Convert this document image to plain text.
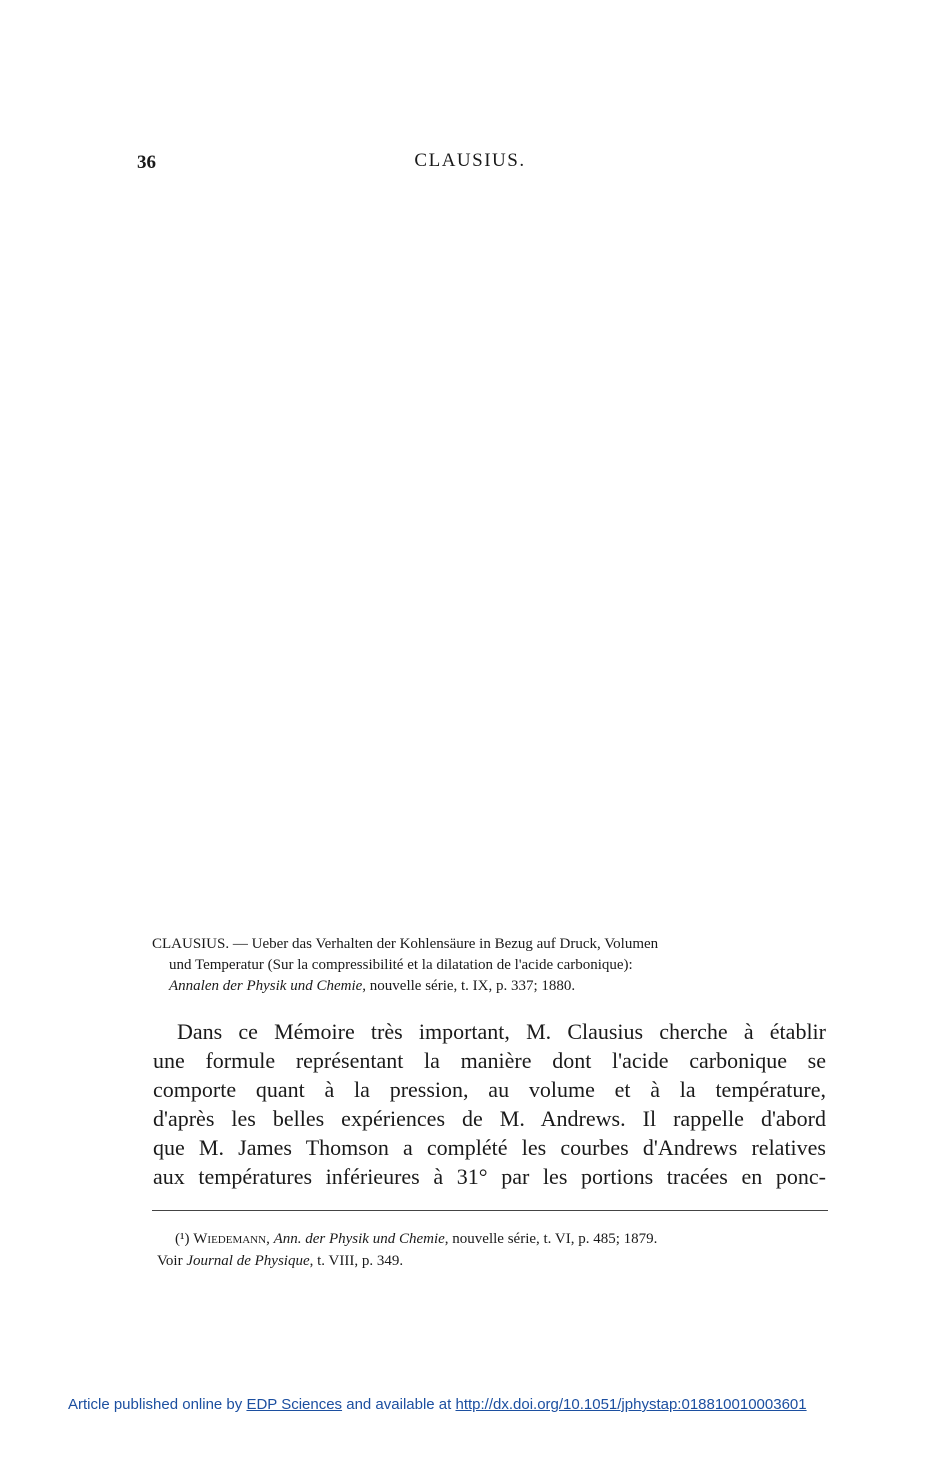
36	CLAUSIUS.
CLAUSIUS. — Ueber das Verhalten der Kohlensäure in Bezug auf Druck, Volumen
und Temperatur (Sur la compressibilité et la dilatation de l'acide carbonique):
Annalen der Physik und Chemie, nouvelle série, t. IX, p. 337; 1880.
Dans ce Mémoire très important, M. Clausius cherche à établir
une formule représentant la manière dont l'acide carbonique se
comporte quant à la pression, au volume et à la température,
d'après les belles expériences de M. Andrews. Il rappelle d'abord
que M. James Thomson a complété les courbes d'Andrews relatives
aux températures inférieures à 31° par les portions tracées en ponc-
(¹) Wiedemann, Ann. der Physik und Chemie, nouvelle série, t. VI, p. 485; 1879.
Voir Journal de Physique, t. VIII, p. 349.
Article published online by EDP Sciences and available at http://dx.doi.org/10.1051/jphystap:018810010003601
